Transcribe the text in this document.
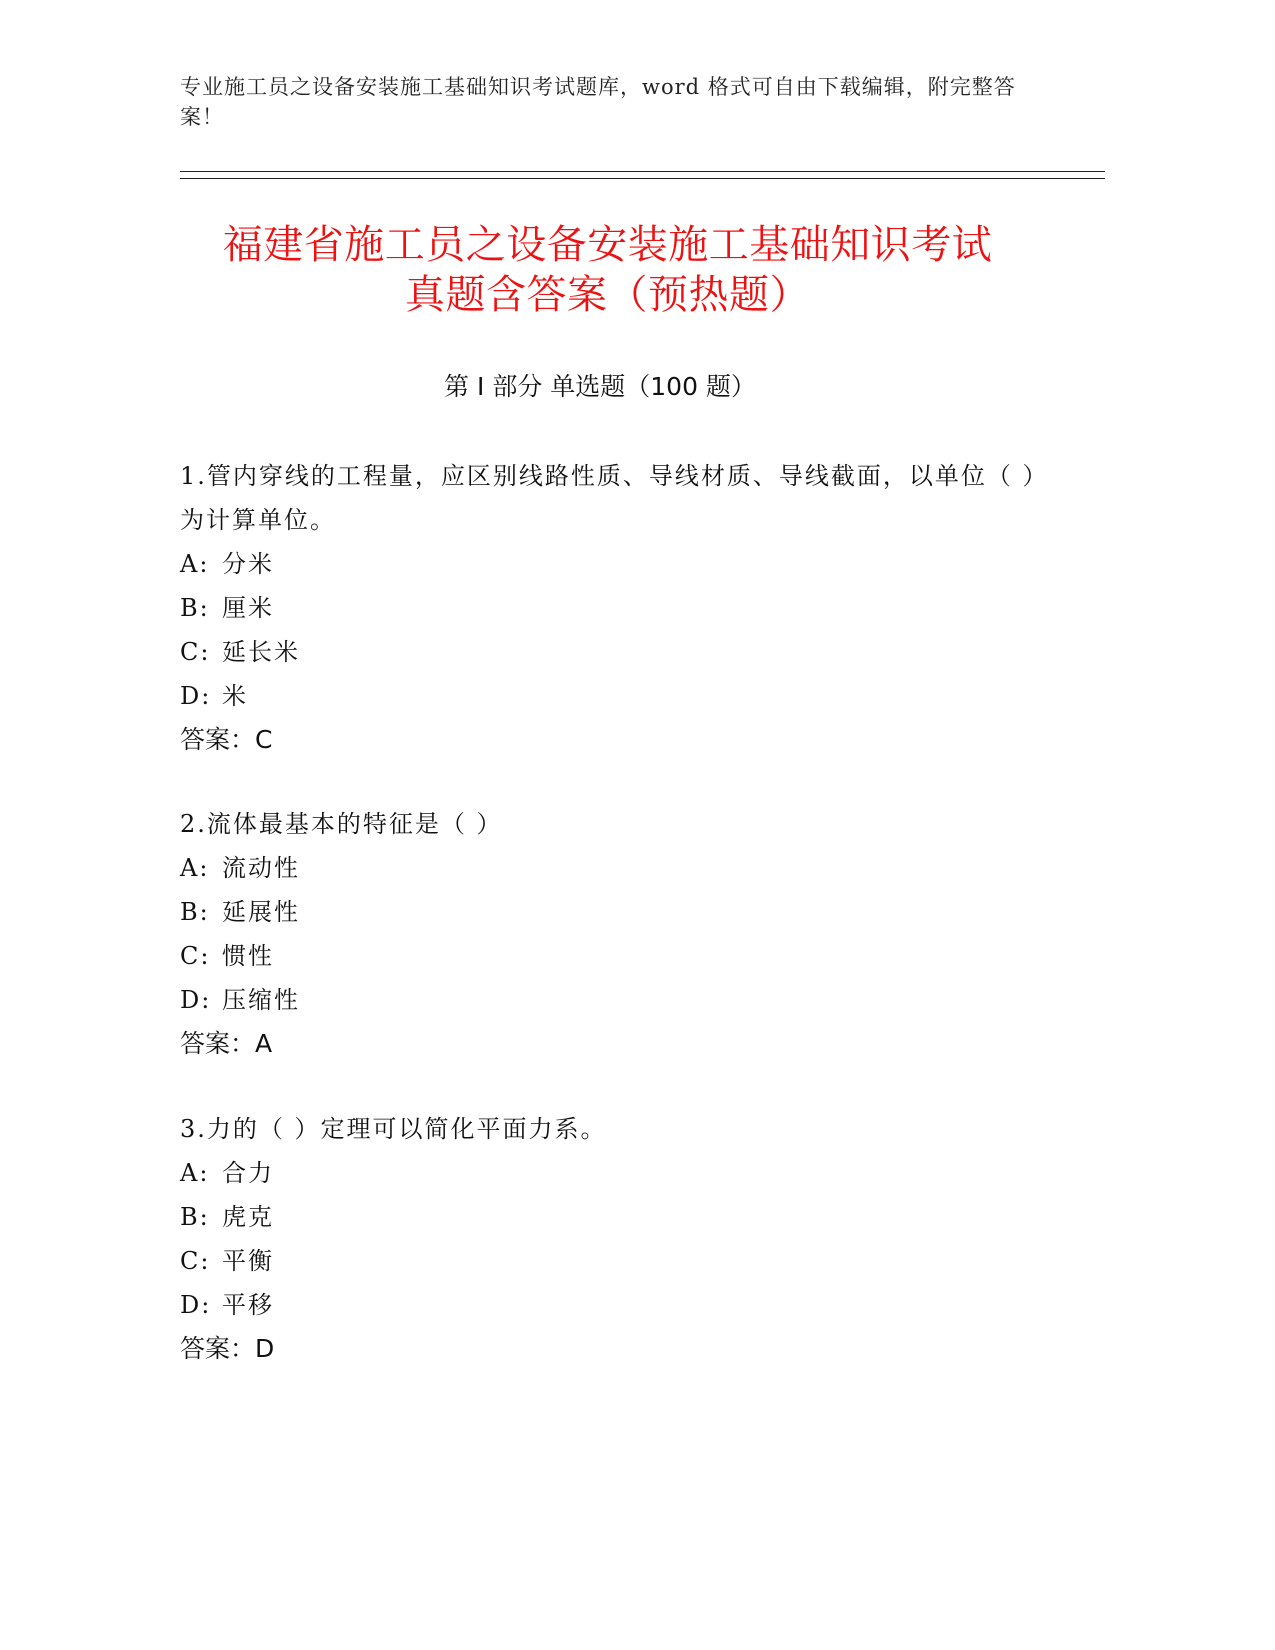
专业施工员之设备安装施工基础知识考试题库，word 格式可自由下载编辑，附完整答案！
福建省施工员之设备安装施工基础知识考试
真题含答案（预热题）
第 I 部分 单选题（100 题）

1.管内穿线的工程量，应区别线路性质、导线材质、导线截面，以单位（ ）为计算单位。

A: 分米
B: 厘米
C: 延长米
D: 米
答案：C

2.流体最基本的特征是（ ）

A: 流动性
B: 延展性
C: 惯性
D: 压缩性
答案：A

3.力的（ ）定理可以简化平面力系。

A: 合力
B: 虎克
C: 平衡
D: 平移
答案：D
